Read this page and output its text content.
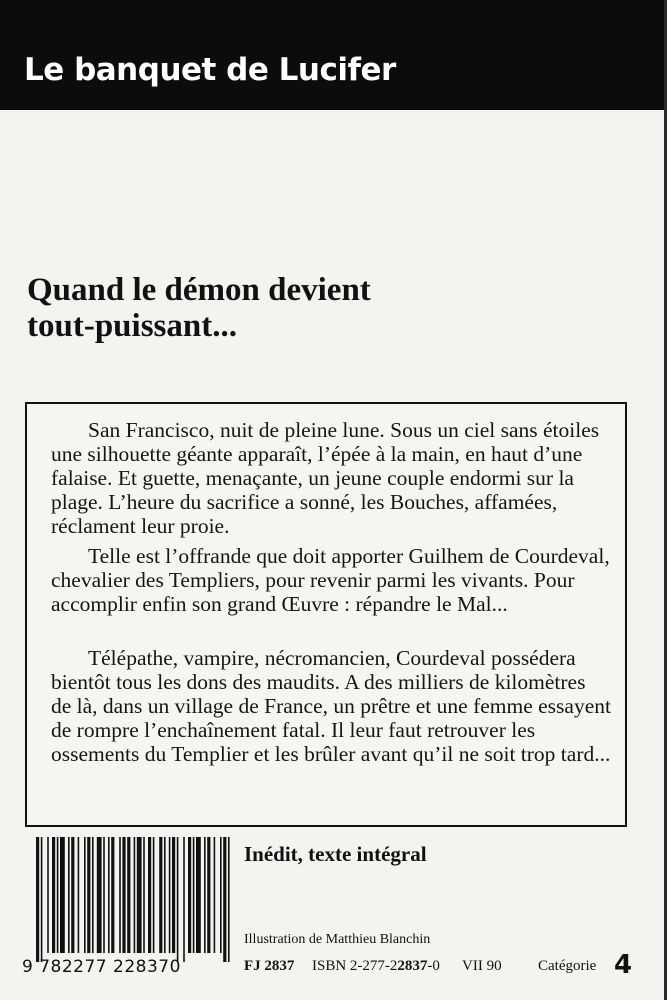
Le banquet de Lucifer
Quand le démon devient
tout-puissant...

San Francisco, nuit de pleine lune. Sous un ciel sans étoiles une silhouette géante apparaît, l’épée à la main, en haut d’une falaise. Et guette, menaçante, un jeune couple endormi sur la plage. L’heure du sacrifice a sonné, les Bouches, affamées, réclament leur proie.

Telle est l’offrande que doit apporter Guilhem de Courdeval, chevalier des Templiers, pour revenir parmi les vivants. Pour accomplir enfin son grand Œuvre : répandre le Mal...

Télépathe, vampire, nécromancien, Courdeval possédera bientôt tous les dons des maudits. A des milliers de kilomètres de là, dans un village de France, un prêtre et une femme essayent de rompre l’enchaînement fatal. Il leur faut retrouver les ossements du Templier et les brûler avant qu’il ne soit trop tard...

9 782277 228370
Inédit, texte intégral
Illustration de Matthieu Blanchin
FJ 2837 ISBN 2-277-22837-0 VII 90 Catégorie 4
